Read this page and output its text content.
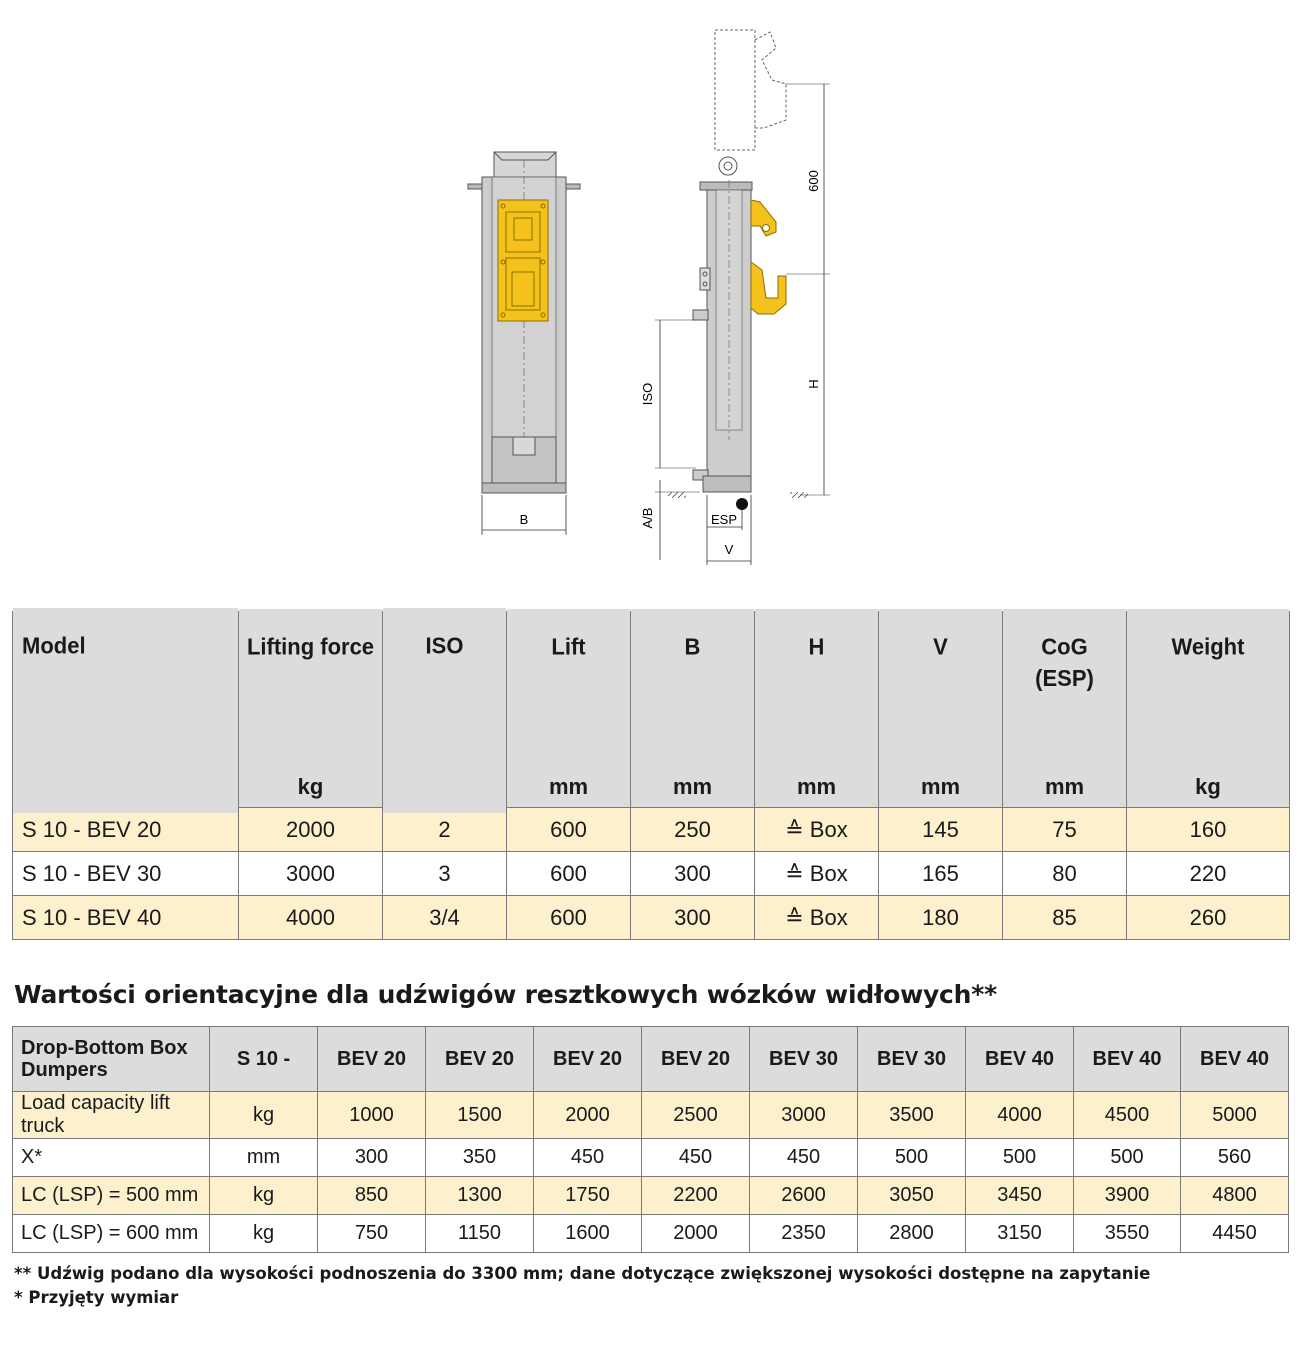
B
ISO
A/B	ESP
V
600
H
Model	Lifting force	ISO	Lift	B	H	V	CoG (ESP)	Weight
	kg		mm	mm	mm	mm	mm	kg
S 10 - BEV 20	2000	2	600	250	≙ Box	145	75	160
S 10 - BEV 30	3000	3	600	300	≙ Box	165	80	220
S 10 - BEV 40	4000	3/4	600	300	≙ Box	180	85	260
Wartości orientacyjne dla udźwigów resztkowych wózków widłowych**
Drop-Bottom Box Dumpers	S 10 -	BEV 20	BEV 20	BEV 20	BEV 20	BEV 30	BEV 30	BEV 40	BEV 40	BEV 40
Load capacity lift truck	kg	1000	1500	2000	2500	3000	3500	4000	4500	5000
X*	mm	300	350	450	450	450	500	500	500	560
LC (LSP) = 500 mm	kg	850	1300	1750	2200	2600	3050	3450	3900	4800
LC (LSP) = 600 mm	kg	750	1150	1600	2000	2350	2800	3150	3550	4450

** Udźwig podano dla wysokości podnoszenia do 3300 mm; dane dotyczące zwiększonej wysokości dostępne na zapytanie

* Przyjęty wymiar
